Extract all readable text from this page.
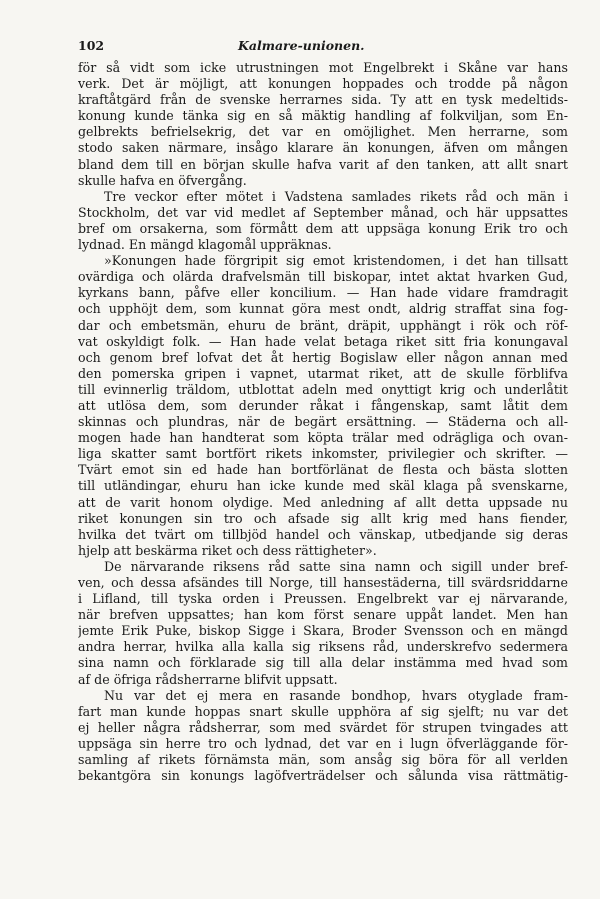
102	Kalmare-unionen.
för så vidt som icke utrustningen mot Engelbrekt i Skåne var hans
verk. Det är möjligt, att konungen hoppades och trodde på någon
kraftåtgärd från de svenske herrarnes sida. Ty att en tysk medeltids-
konung kunde tänka sig en så mäktig handling af folkviljan, som En-
gelbrekts befrielsekrig, det var en omöjlighet. Men herrarne, som
stodo saken närmare, insågo klarare än konungen, äfven om mången
bland dem till en början skulle hafva varit af den tanken, att allt snart
skulle hafva en öfvergång.
Tre veckor efter mötet i Vadstena samlades rikets råd och män i
Stockholm, det var vid medlet af September månad, och här uppsattes
bref om orsakerna, som förmått dem att uppsäga konung Erik tro och
lydnad. En mängd klagomål uppräknas.
»Konungen hade förgripit sig emot kristendomen, i det han tillsatt
ovärdiga och olärda drafvelsmän till biskopar, intet aktat hvarken Gud,
kyrkans bann, påfve eller koncilium. — Han hade vidare framdragit
och upphöjt dem, som kunnat göra mest ondt, aldrig straffat sina fog-
dar och embetsmän, ehuru de bränt, dräpit, upphängt i rök och röf-
vat oskyldigt folk. — Han hade velat betaga riket sitt fria konungaval
och genom bref lofvat det åt hertig Bogislaw eller någon annan med
den pomerska gripen i vapnet, utarmat riket, att de skulle förblifva
till evinnerlig träldom, utblottat adeln med onyttigt krig och underlåtit
att utlösa dem, som derunder råkat i fångenskap, samt låtit dem
skinnas och plundras, när de begärt ersättning. — Städerna och all-
mogen hade han handterat som köpta trälar med odrägliga och ovan-
liga skatter samt bortfört rikets inkomster, privilegier och skrifter. —
Tvärt emot sin ed hade han bortförlänat de flesta och bästa slotten
till utländingar, ehuru han icke kunde med skäl klaga på svenskarne,
att de varit honom olydige. Med anledning af allt detta uppsade nu
riket konungen sin tro och afsade sig allt krig med hans fiender,
hvilka det tvärt om tillbjöd handel och vänskap, utbedjande sig deras
hjelp att beskärma riket och dess rättigheter».
De närvarande riksens råd satte sina namn och sigill under bref-
ven, och dessa afsändes till Norge, till hansestäderna, till svärdsriddarne
i Lifland, till tyska orden i Preussen. Engelbrekt var ej närvarande,
när brefven uppsattes; han kom först senare uppåt landet. Men han
jemte Erik Puke, biskop Sigge i Skara, Broder Svensson och en mängd
andra herrar, hvilka alla kalla sig riksens råd, underskrefvo sedermera
sina namn och förklarade sig till alla delar instämma med hvad som
af de öfriga rådsherrarne blifvit uppsatt.
Nu var det ej mera en rasande bondhop, hvars otyglade fram-
fart man kunde hoppas snart skulle upphöra af sig sjelft; nu var det
ej heller några rådsherrar, som med svärdet för strupen tvingades att
uppsäga sin herre tro och lydnad, det var en i lugn öfverläggande för-
samling af rikets förnämsta män, som ansåg sig böra för all verlden
bekantgöra sin konungs lagöfverträdelser och sålunda visa rättmätig-
